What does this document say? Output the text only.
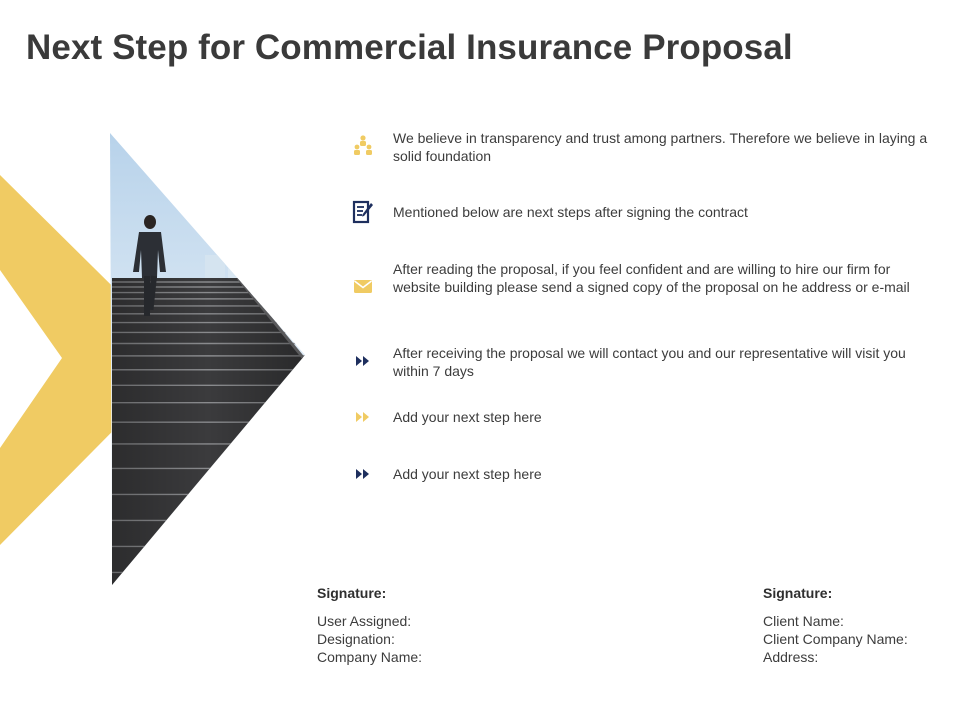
Next Step for Commercial Insurance Proposal
We believe in transparency and trust among partners. Therefore we believe in laying a solid foundation
Mentioned below are next steps after signing the contract
After reading the proposal, if you feel confident and are willing to hire our firm for website building please send a signed copy of the proposal on he address or e-mail
After receiving the proposal we will contact you and our representative will visit you within 7 days
Add your next step here
Add your next step here
Signature:
User Assigned:
Designation:
Company Name:
Signature:
Client Name:
Client Company Name:
Address:
